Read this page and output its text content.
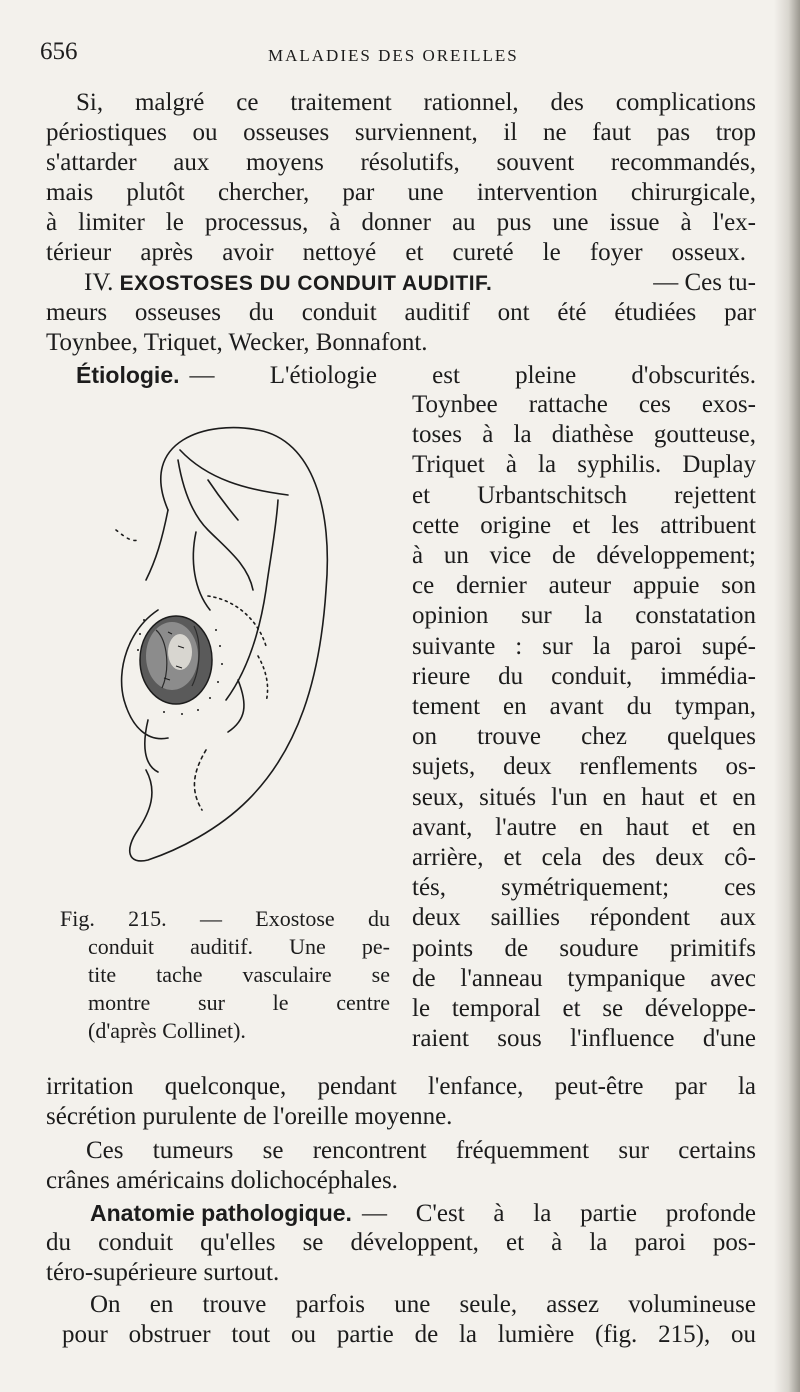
656	MALADIES DES OREILLES
Si, malgré ce traitement rationnel, des complications
périostiques ou osseuses surviennent, il ne faut pas trop
s'attarder aux moyens résolutifs, souvent recommandés,
mais plutôt chercher, par une intervention chirurgicale,
à limiter le processus, à donner au pus une issue à l'ex-
térieur après avoir nettoyé et cureté le foyer osseux.
IV. EXOSTOSES DU CONDUIT AUDITIF.	— Ces tu-
meurs osseuses du conduit auditif ont été étudiées par
Toynbee, Triquet, Wecker, Bonnafont.
Étiologie. — L'étiologie est pleine d'obscurités.
Toynbee rattache ces exos-
toses à la diathèse goutteuse,
Triquet à la syphilis. Duplay
et Urbantschitsch rejettent
cette origine et les attribuent
à un vice de développement;
ce dernier auteur appuie son
opinion sur la constatation
suivante : sur la paroi supé-
rieure du conduit, immédia-
tement en avant du tympan,
on trouve chez quelques
sujets, deux renflements os-
seux, situés l'un en haut et en
avant, l'autre en haut et en
arrière, et cela des deux cô-
tés, symétriquement; ces
deux saillies répondent aux
points de soudure primitifs
de l'anneau tympanique avec
le temporal et se développe-
raient sous l'influence d'une
irritation quelconque, pendant l'enfance, peut-être par la
sécrétion purulente de l'oreille moyenne.
Fig. 215. — Exostose du
conduit auditif. Une pe-
tite tache vasculaire se
montre sur le centre
(d'après Collinet).
Ces tumeurs se rencontrent fréquemment sur certains
crânes américains dolichocéphales.
Anatomie pathologique. — C'est à la partie profonde
du conduit qu'elles se développent, et à la paroi pos-
téro-supérieure surtout.
On en trouve parfois une seule, assez volumineuse
pour obstruer tout ou partie de la lumière (fig. 215), ou
